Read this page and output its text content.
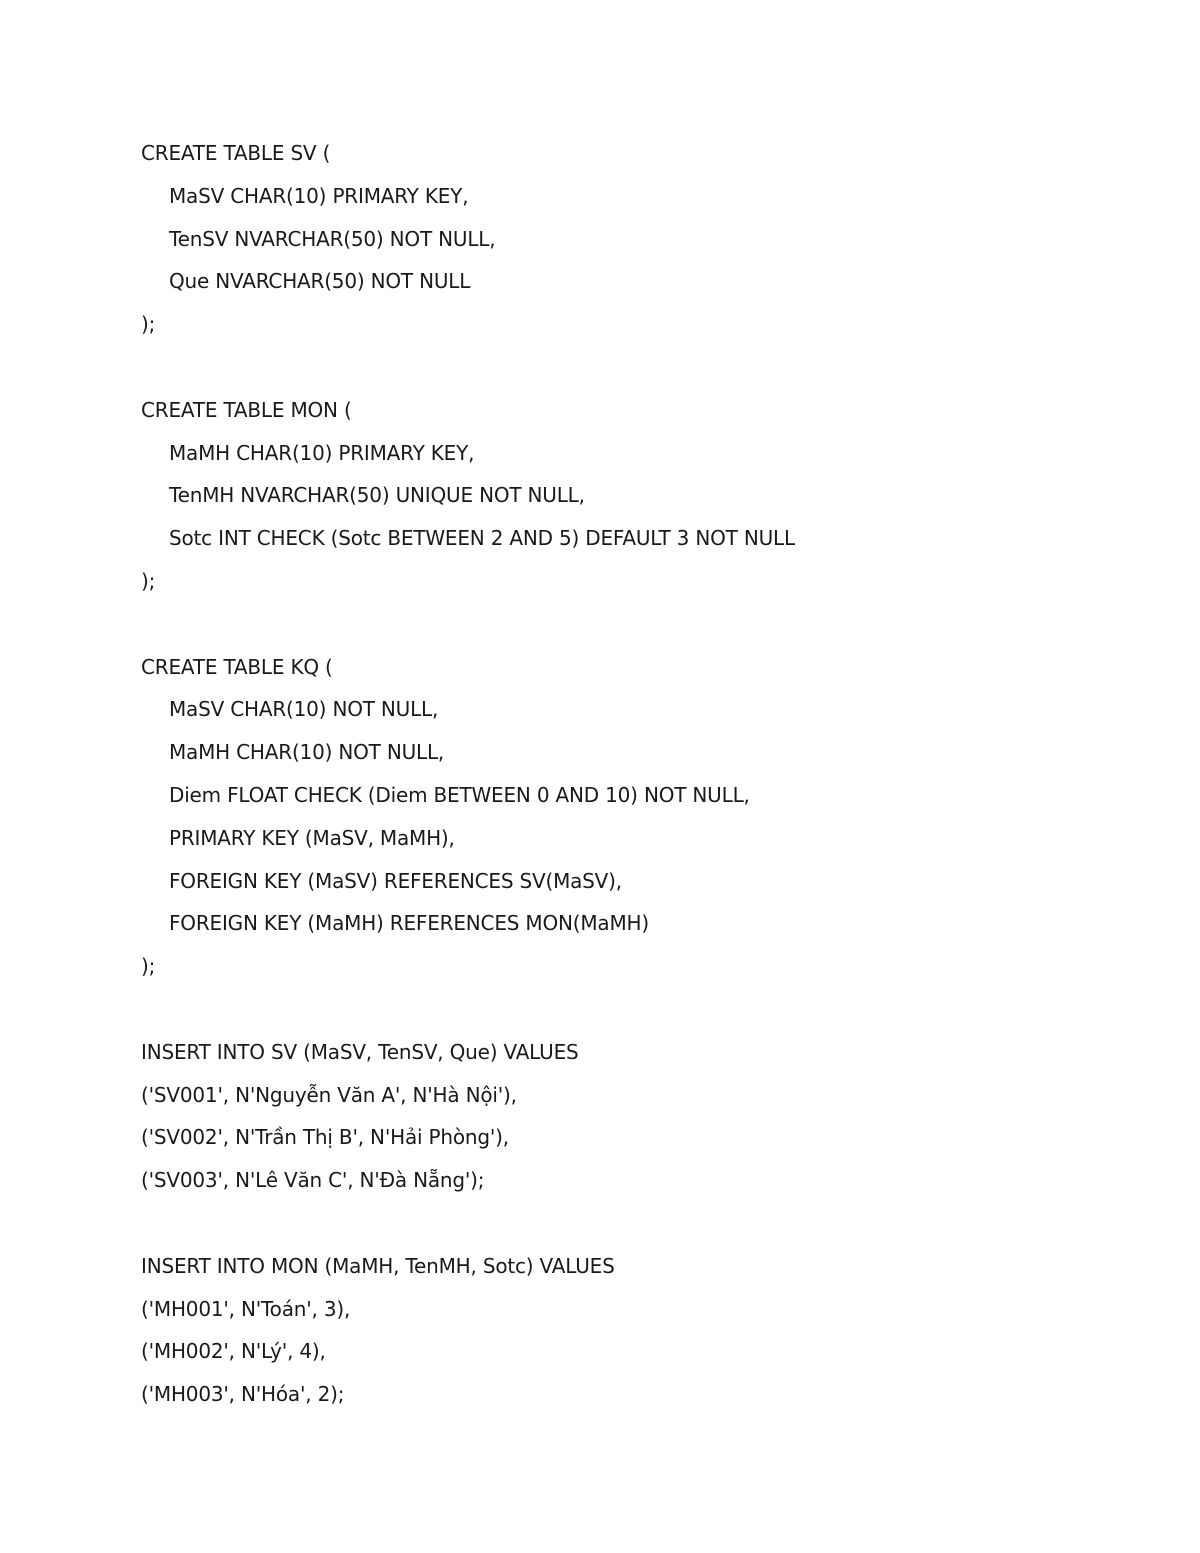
CREATE TABLE SV (
MaSV CHAR(10) PRIMARY KEY,
TenSV NVARCHAR(50) NOT NULL,
Que NVARCHAR(50) NOT NULL
);
CREATE TABLE MON (
MaMH CHAR(10) PRIMARY KEY,
TenMH NVARCHAR(50) UNIQUE NOT NULL,
Sotc INT CHECK (Sotc BETWEEN 2 AND 5) DEFAULT 3 NOT NULL
);
CREATE TABLE KQ (
MaSV CHAR(10) NOT NULL,
MaMH CHAR(10) NOT NULL,
Diem FLOAT CHECK (Diem BETWEEN 0 AND 10) NOT NULL,
PRIMARY KEY (MaSV, MaMH),
FOREIGN KEY (MaSV) REFERENCES SV(MaSV),
FOREIGN KEY (MaMH) REFERENCES MON(MaMH)
);
INSERT INTO SV (MaSV, TenSV, Que) VALUES
('SV001', N'Nguyễn Văn A', N'Hà Nội'),
('SV002', N'Trần Thị B', N'Hải Phòng'),
('SV003', N'Lê Văn C', N'Đà Nẵng');
INSERT INTO MON (MaMH, TenMH, Sotc) VALUES
('MH001', N'Toán', 3),
('MH002', N'Lý', 4),
('MH003', N'Hóa', 2);
